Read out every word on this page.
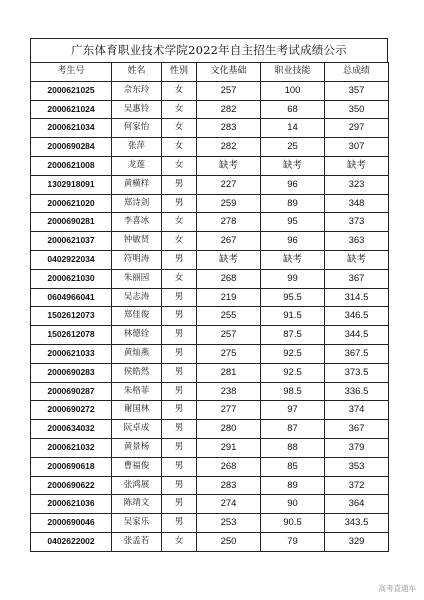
广东体育职业技术学院2022年自主招生考试成绩公示
考生号	姓名	性别	文化基础	职业技能	总成绩
2000621025	佘东玲	女	257	100	357
2000621024	吴惠铃	女	282	68	350
2000621034	何家怡	女	283	14	297
2000690284	张萍	女	282	25	307
2000621008	龙莲	女	缺考	缺考	缺考
1302918091	黄横样	男	227	96	323
2000621020	郑诗剑	男	259	89	348
2000690281	李喜冰	女	278	95	373
2000621037	钟敏贤	女	267	96	363
0402922034	符明涛	男	缺考	缺考	缺考
2000621030	朱丽园	女	268	99	367
0604966041	吴志涛	男	219	95.5	314.5
1502612073	郑佳俊	男	255	91.5	346.5
1502612078	林德铨	男	257	87.5	344.5
2000621033	黄灿燕	男	275	92.5	367.5
2000690283	侯皓然	男	281	92.5	373.5
2000690287	朱格菲	男	238	98.5	336.5
2000690272	谢国林	男	277	97	374
2000634032	阮卓成	男	280	87	367
2000621032	黄景杨	男	291	88	379
2000690618	曹福俊	男	268	85	353
2000690622	张鸿展	男	283	89	372
2000621036	陈靖文	男	274	90	364
2000690046	吴家乐	男	253	90.5	343.5
0402622002	张孟若	女	250	79	329
高考直通车
